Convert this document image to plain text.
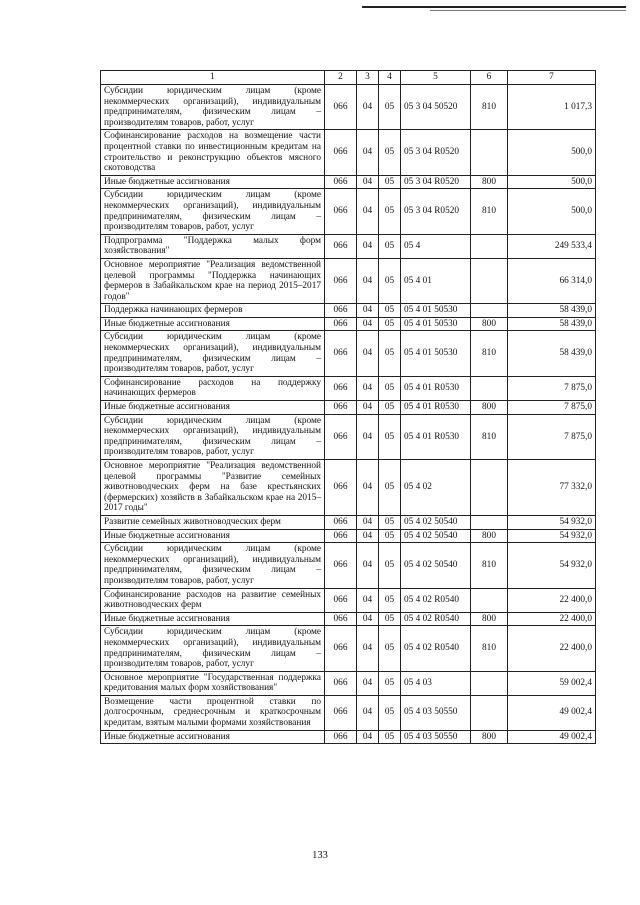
1	2	3	4	5	6	7
Субсидии юридическим лицам (кроме некоммерческих организаций), индивидуальным предпринимателям, физическим лицам – производителям товаров, работ, услуг	066	04	05	05 3 04 50520	810	1 017,3
Софинансирование расходов на возмещение части процентной ставки по инвестиционным кредитам на строительство и реконструкцию объектов мясного скотоводства	066	04	05	05 3 04 R0520		500,0
Иные бюджетные ассигнования	066	04	05	05 3 04 R0520	800	500,0
Субсидии юридическим лицам (кроме некоммерческих организаций), индивидуальным предпринимателям, физическим лицам – производителям товаров, работ, услуг	066	04	05	05 3 04 R0520	810	500,0
Подпрограмма "Поддержка малых форм хозяйствования"	066	04	05	05 4		249 533,4
Основное мероприятие "Реализация ведомственной целевой программы "Поддержка начинающих фермеров в Забайкальском крае на период 2015–2017 годов"	066	04	05	05 4 01		66 314,0
Поддержка начинающих фермеров	066	04	05	05 4 01 50530		58 439,0
Иные бюджетные ассигнования	066	04	05	05 4 01 50530	800	58 439,0
Субсидии юридическим лицам (кроме некоммерческих организаций), индивидуальным предпринимателям, физическим лицам – производителям товаров, работ, услуг	066	04	05	05 4 01 50530	810	58 439,0
Софинансирование расходов на поддержку начинающих фермеров	066	04	05	05 4 01 R0530		7 875,0
Иные бюджетные ассигнования	066	04	05	05 4 01 R0530	800	7 875,0
Субсидии юридическим лицам (кроме некоммерческих организаций), индивидуальным предпринимателям, физическим лицам – производителям товаров, работ, услуг	066	04	05	05 4 01 R0530	810	7 875,0
Основное мероприятие "Реализация ведомственной целевой программы "Развитие семейных животноводческих ферм на базе крестьянских (фермерских) хозяйств в Забайкальском крае на 2015–2017 годы"	066	04	05	05 4 02		77 332,0
Развитие семейных животноводческих ферм	066	04	05	05 4 02 50540		54 932,0
Иные бюджетные ассигнования	066	04	05	05 4 02 50540	800	54 932,0
Субсидии юридическим лицам (кроме некоммерческих организаций), индивидуальным предпринимателям, физическим лицам – производителям товаров, работ, услуг	066	04	05	05 4 02 50540	810	54 932,0
Софинансирование расходов на развитие семейных животноводческих ферм	066	04	05	05 4 02 R0540		22 400,0
Иные бюджетные ассигнования	066	04	05	05 4 02 R0540	800	22 400,0
Субсидии юридическим лицам (кроме некоммерческих организаций), индивидуальным предпринимателям, физическим лицам – производителям товаров, работ, услуг	066	04	05	05 4 02 R0540	810	22 400,0
Основное мероприятие "Государственная поддержка кредитования малых форм хозяйствования"	066	04	05	05 4 03		59 002,4
Возмещение части процентной ставки по долгосрочным, среднесрочным и краткосрочным кредитам, взятым малыми формами хозяйствования	066	04	05	05 4 03 50550		49 002,4
Иные бюджетные ассигнования	066	04	05	05 4 03 50550	800	49 002,4
133
